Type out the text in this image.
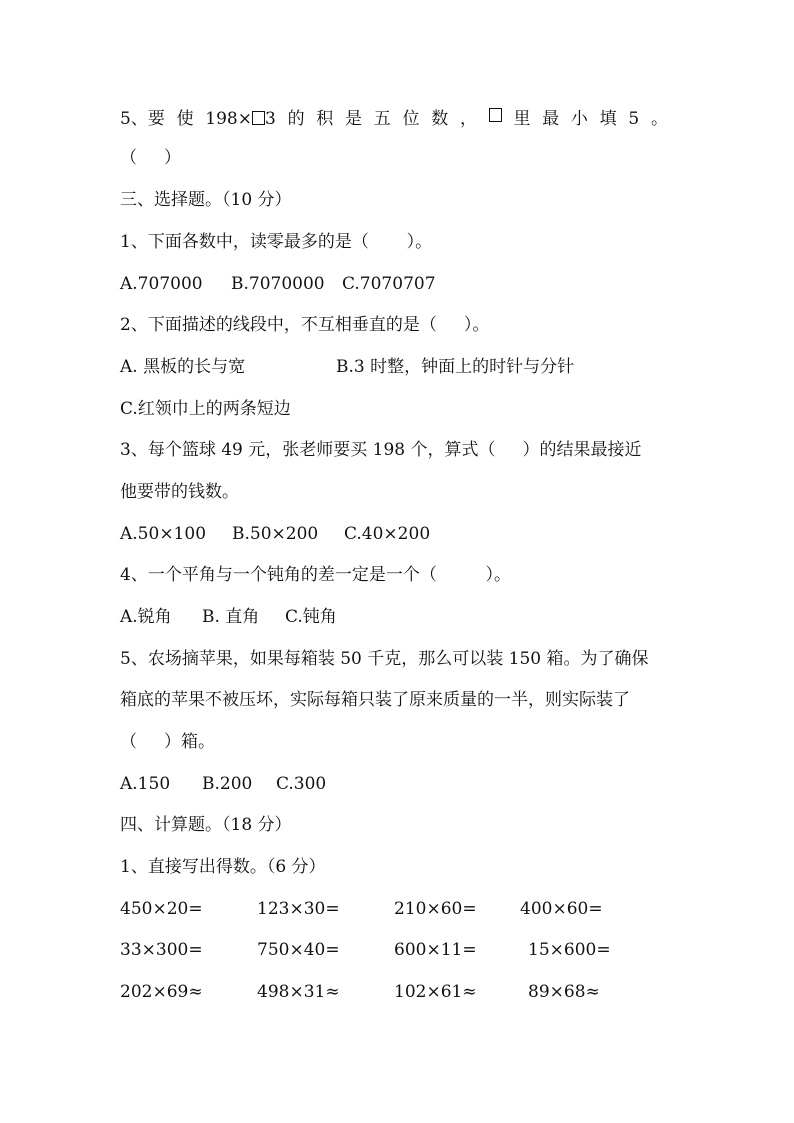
5、要 使 198× 3 的 积 是 五 位 数 ， 里 最 小 填 5 。
（     ）
三、选择题。（10 分）
1、下面各数中，读零最多的是（       ）。
A.707000 B.7070000 C.7070707
2、下面描述的线段中，不互相垂直的是（     ）。
A. 黑板的长与宽	B.3 时整，钟面上的时针与分针
C.红领巾上的两条短边
3、每个篮球 49 元，张老师要买 198 个，算式（     ）的结果最接近
他要带的钱数。
A.50×100 B.50×200 C.40×200
4、一个平角与一个钝角的差一定是一个（         ）。
A.锐角 B. 直角 C.钝角
5、农场摘苹果，如果每箱装 50 千克，那么可以装 150 箱。为了确保
箱底的苹果不被压坏，实际每箱只装了原来质量的一半，则实际装了
（     ）箱。
A.150 B.200 C.300
四、计算题。（18 分）
1、直接写出得数。（6 分）
450×20=	123×30=	210×60=	400×60=
33×300=	750×40=	600×11=	15×600=
202×69≈	498×31≈	102×61≈	89×68≈
